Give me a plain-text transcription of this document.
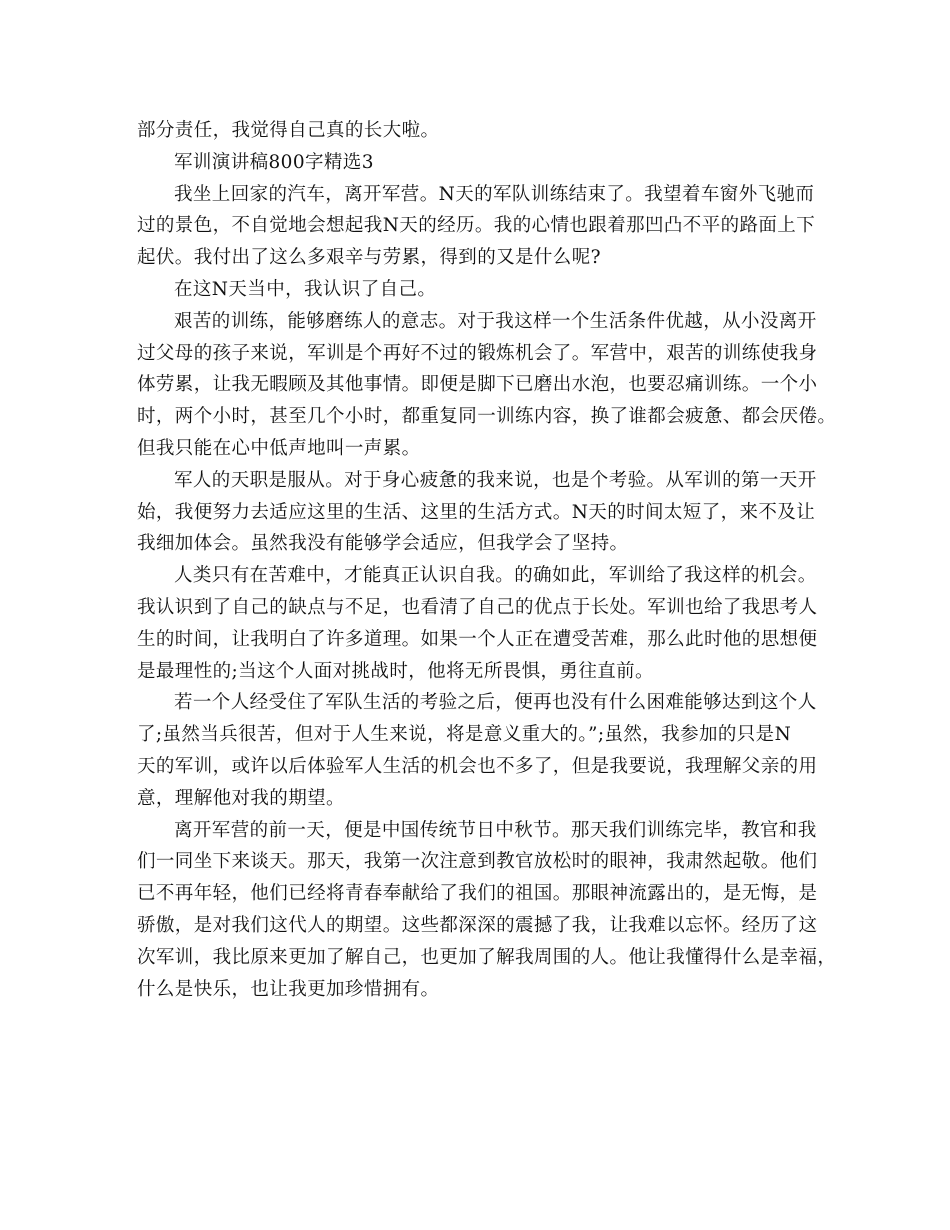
部分责任，我觉得自己真的长大啦。

军训演讲稿800字精选3

我坐上回家的汽车，离开军营。N天的军队训练结束了。我望着车窗外飞驰而
过的景色，不自觉地会想起我N天的经历。我的心情也跟着那凹凸不平的路面上下
起伏。我付出了这么多艰辛与劳累，得到的又是什么呢?

在这N天当中，我认识了自己。

艰苦的训练，能够磨练人的意志。对于我这样一个生活条件优越，从小没离开
过父母的孩子来说，军训是个再好不过的锻炼机会了。军营中，艰苦的训练使我身
体劳累，让我无暇顾及其他事情。即便是脚下已磨出水泡，也要忍痛训练。一个小
时，两个小时，甚至几个小时，都重复同一训练内容，换了谁都会疲惫、都会厌倦。
但我只能在心中低声地叫一声累。

军人的天职是服从。对于身心疲惫的我来说，也是个考验。从军训的第一天开
始，我便努力去适应这里的生活、这里的生活方式。N天的时间太短了，来不及让
我细加体会。虽然我没有能够学会适应，但我学会了坚持。

人类只有在苦难中，才能真正认识自我。的确如此，军训给了我这样的机会。
我认识到了自己的缺点与不足，也看清了自己的优点于长处。军训也给了我思考人
生的时间，让我明白了许多道理。如果一个人正在遭受苦难，那么此时他的思想便
是最理性的;当这个人面对挑战时，他将无所畏惧，勇往直前。

若一个人经受住了军队生活的考验之后，便再也没有什么困难能够达到这个人
了;虽然当兵很苦，但对于人生来说，将是意义重大的。”;虽然，我参加的只是N
天的军训，或许以后体验军人生活的机会也不多了，但是我要说，我理解父亲的用
意，理解他对我的期望。

离开军营的前一天，便是中国传统节日中秋节。那天我们训练完毕，教官和我
们一同坐下来谈天。那天，我第一次注意到教官放松时的眼神，我肃然起敬。他们
已不再年轻，他们已经将青春奉献给了我们的祖国。那眼神流露出的，是无悔，是
骄傲，是对我们这代人的期望。这些都深深的震撼了我，让我难以忘怀。经历了这
次军训，我比原来更加了解自己，也更加了解我周围的人。他让我懂得什么是幸福，
什么是快乐，也让我更加珍惜拥有。
